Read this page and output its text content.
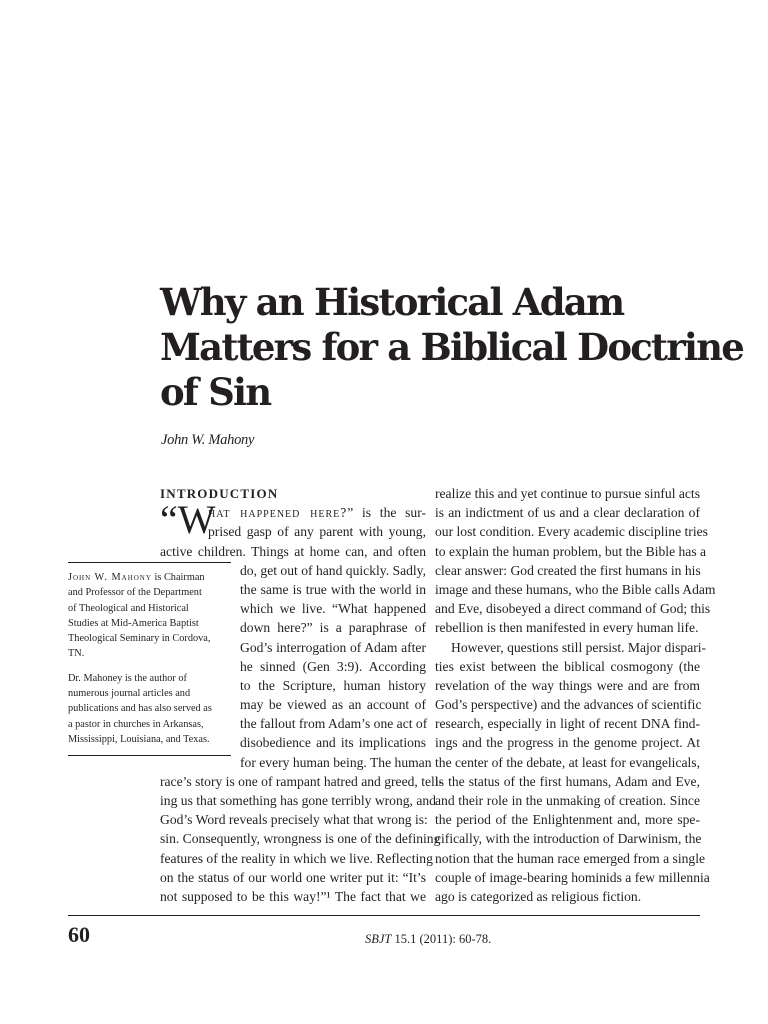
Why an Historical Adam
Matters for a Biblical Doctrine
of Sin

John W. Mahony

INTRODUCTION
“W
hat happened here?” is the sur-
prised gasp of any parent with young,
active children. Things at home can, and often
do, get out of hand quickly. Sadly,
the same is true with the world in
which we live. “What happened
down here?” is a paraphrase of
God’s interrogation of Adam after
he sinned (Gen 3:9). According
to the Scripture, human history
may be viewed as an account of
the fallout from Adam’s one act of
disobedience and its implications
for every human being. The human
race’s story is one of rampant hatred and greed, tell-
ing us that something has gone terribly wrong, and
God’s Word reveals precisely what that wrong is:
sin. Consequently, wrongness is one of the defining
features of the reality in which we live. Reflecting
on the status of our world one writer put it: “It’s
not supposed to be this way!”¹ The fact that we
realize this and yet continue to pursue sinful acts
is an indictment of us and a clear declaration of
our lost condition. Every academic discipline tries
to explain the human problem, but the Bible has a
clear answer: God created the first humans in his
image and these humans, who the Bible calls Adam
and Eve, disobeyed a direct command of God; this
rebellion is then manifested in every human life.
However, questions still persist. Major dispari-
ties exist between the biblical cosmogony (the
revelation of the way things were and are from
God’s perspective) and the advances of scientific
research, especially in light of recent DNA find-
ings and the progress in the genome project. At
the center of the debate, at least for evangelicals,
is the status of the first humans, Adam and Eve,
and their role in the unmaking of creation. Since
the period of the Enlightenment and, more spe-
cifically, with the introduction of Darwinism, the
notion that the human race emerged from a single
couple of image-bearing hominids a few millennia
ago is categorized as religious fiction.

John W. Mahony is Chairman
and Professor of the Department
of Theological and Historical
Studies at Mid-America Baptist
Theological Seminary in Cordova,
TN.

Dr. Mahoney is the author of
numerous journal articles and
publications and has also served as
a pastor in churches in Arkansas,
Mississippi, Louisiana, and Texas.

60	SBJT 15.1 (2011): 60-78.
